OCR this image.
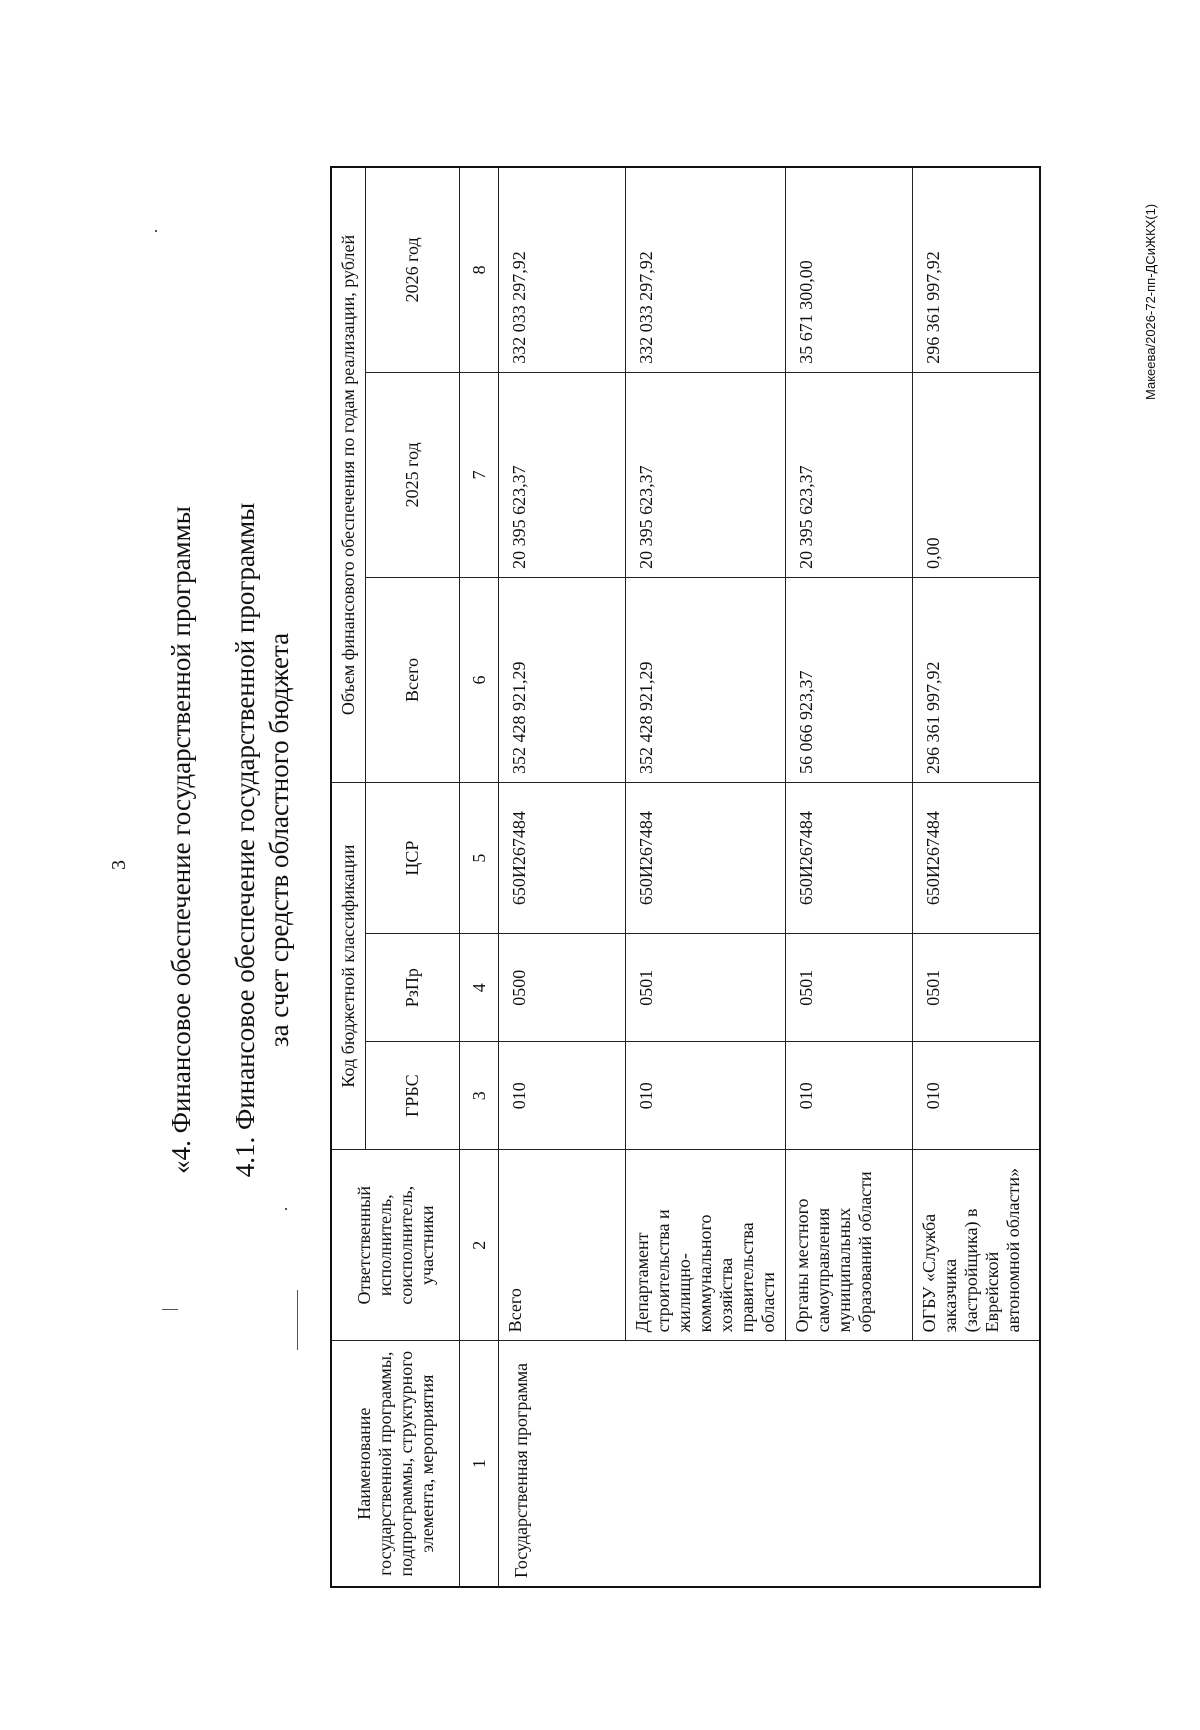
3 «4. Финансовое обеспечение государственной программы 4.1. Финансовое обеспечение государственной программы за счет средств областного бюджета
Наименование государственной программы, подпрограммы, структурного элемента, мероприятия	Ответственный исполнитель, соисполнитель, участники	Код бюджетной классификации			Объем финансового обеспечения по годам реализации, рублей		
		ГРБС	РзПр	ЦСР	Всего	2025 год	2026 год
1	2	3	4	5	6	7	8
Государственная программа	Всего	010	0500	650И267484	352 428 921,29	20 395 623,37	332 033 297,92
	Департамент строительства и жилищно-коммунального хозяйства правительства области	010	0501	650И267484	352 428 921,29	20 395 623,37	332 033 297,92
	Органы местного самоуправления муниципальных образований области	010	0501	650И267484	56 066 923,37	20 395 623,37	35 671 300,00
	ОГБУ «Служба заказчика (застройщика) в Еврейской автономной области»	010	0501	650И267484	296 361 997,92	0,00	296 361 997,92	Макеева/2026-72-пп-ДСиЖКХ(1)
